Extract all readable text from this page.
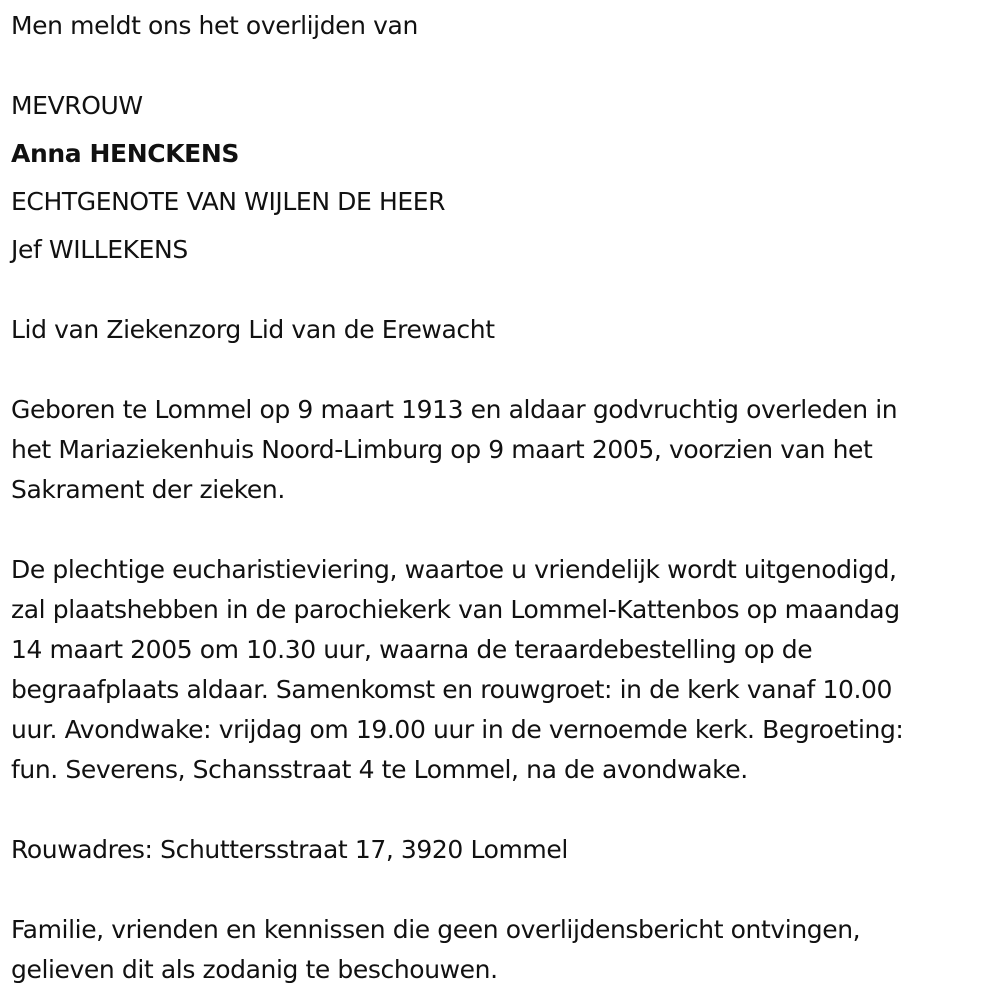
Men meldt ons het overlijden van
MEVROUW
Anna HENCKENS
ECHTGENOTE VAN WIJLEN DE HEER
Jef WILLEKENS
Lid van Ziekenzorg Lid van de Erewacht
Geboren te Lommel op 9 maart 1913 en aldaar godvruchtig overleden in
het Mariaziekenhuis Noord-Limburg op 9 maart 2005, voorzien van het
Sakrament der zieken.
De plechtige eucharistieviering, waartoe u vriendelijk wordt uitgenodigd,
zal plaatshebben in de parochiekerk van Lommel-Kattenbos op maandag
14 maart 2005 om 10.30 uur, waarna de teraardebestelling op de
begraafplaats aldaar. Samenkomst en rouwgroet: in de kerk vanaf 10.00
uur. Avondwake: vrijdag om 19.00 uur in de vernoemde kerk. Begroeting:
fun. Severens, Schansstraat 4 te Lommel, na de avondwake.
Rouwadres: Schuttersstraat 17, 3920 Lommel
Familie, vrienden en kennissen die geen overlijdensbericht ontvingen,
gelieven dit als zodanig te beschouwen.
